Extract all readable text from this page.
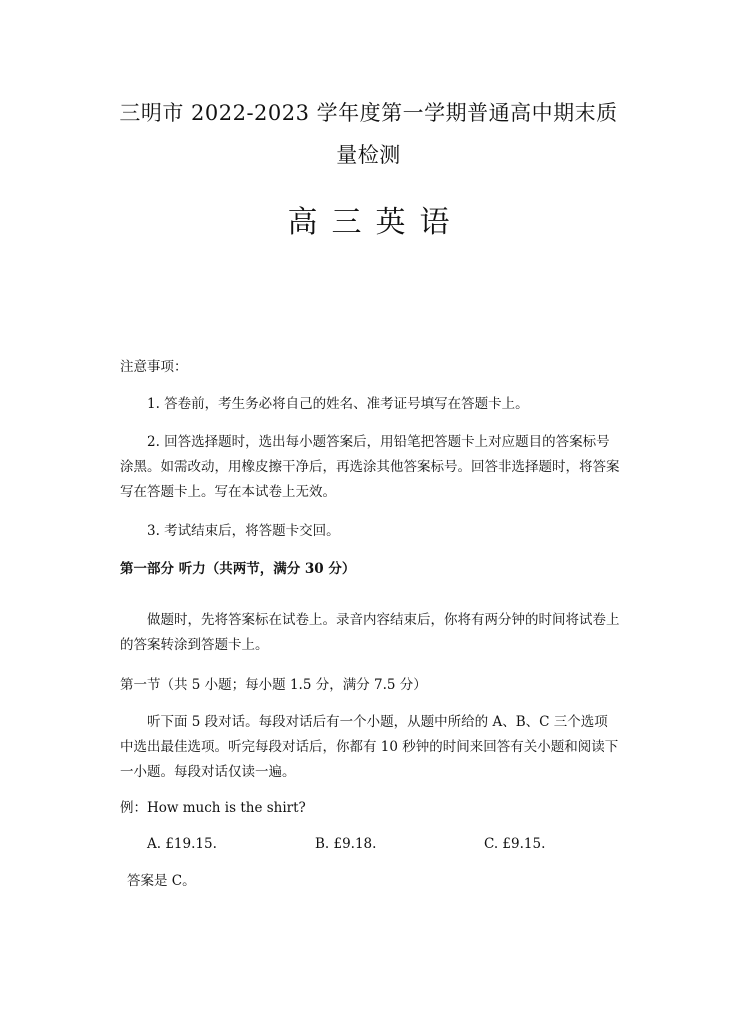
三明市 2022-2023 学年度第一学期普通高中期末质
量检测
高三英语

注意事项：

1. 答卷前，考生务必将自己的姓名、准考证号填写在答题卡上。

2. 回答选择题时，选出每小题答案后，用铅笔把答题卡上对应题目的答案标号涂黑。如需改动，用橡皮擦干净后，再选涂其他答案标号。回答非选择题时，将答案写在答题卡上。写在本试卷上无效。

3. 考试结束后，将答题卡交回。

第一部分 听力（共两节，满分 30 分）

做题时，先将答案标在试卷上。录音内容结束后，你将有两分钟的时间将试卷上的答案转涂到答题卡上。

第一节（共 5 小题；每小题 1.5 分，满分 7.5 分）

听下面 5 段对话。每段对话后有一个小题，从题中所给的 A、B、C 三个选项中选出最佳选项。听完每段对话后，你都有 10 秒钟的时间来回答有关小题和阅读下一小题。每段对话仅读一遍。

例：How much is the shirt?

A. £19.15.	B. £9.18.	C. £9.15.

答案是 C。
